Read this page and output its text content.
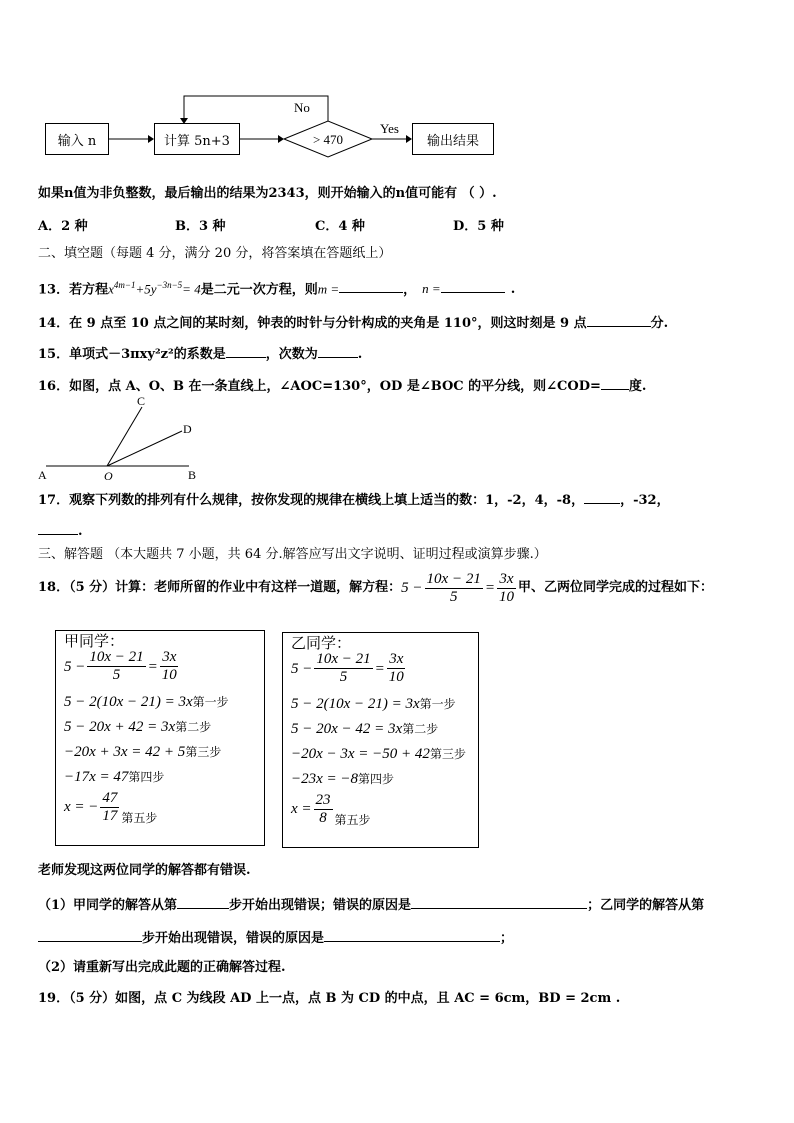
> 470
No
Yes
输入 n	计算 5n+3	输出结果
如果n值为非负整数，最后输出的结果为2343，则开始输入的n值可能有 （ ）.
A．2 种	B．3 种	C．4 种	D．5 种
二、填空题（每题 4 分，满分 20 分，将答案填在答题纸上）
13．若方程$x^{4m-1}+5y^{-3n-5}= 4$是二元一次方程，则m =	， n =	.
14．在 9 点至 10 点之间的某时刻，钟表的时针与分针构成的夹角是 110°，则这时刻是 9 点	分.
15．单项式－3πxy²z²的系数是	，次数为	.
16．如图，点 A、O、B 在一条直线上，∠AOC=130°，OD 是∠BOC 的平分线，则∠COD= 度.
A	O	B
C
D
17．观察下列数的排列有什么规律，按你发现的规律在横线上填上适当的数：1，-2，4，-8，	，-32，
.
三、解答题 （本大题共 7 小题，共 64 分.解答应写出文字说明、证明过程或演算步骤.）
18．（5 分）计算：老师所留的作业中有这样一道题，解方程： $5 - \frac{10x - 21}{5} = \frac{3x}{10}$ 甲、乙两位同学完成的过程如下：
甲同学：
$5 - \frac{10x - 21}{5} = \frac{3x}{10}$
5 − 2(10x − 21) = 3x第一步
5 − 20x + 42 = 3x第二步
−20x + 3x = 42 + 5第三步
−17x = 47第四步
x = − $\frac{47}{17}$ 第五步
乙同学：
$5 - \frac{10x - 21}{5} = \frac{3x}{10}$
5 − 2(10x − 21) = 3x第一步
5 − 20x − 42 = 3x第二步
−20x − 3x = −50 + 42第三步
−23x = −8第四步
$x = \frac{23}{8}$ 第五步
老师发现这两位同学的解答都有错误.
（1）甲同学的解答从第	步开始出现错误；错误的原因是	；乙同学的解答从第
步开始出现错误，错误的原因是	；
（2）请重新写出完成此题的正确解答过程.
19．（5 分）如图，点 C 为线段 AD 上一点，点 B 为 CD 的中点，且 AC = 6cm，BD = 2cm .
